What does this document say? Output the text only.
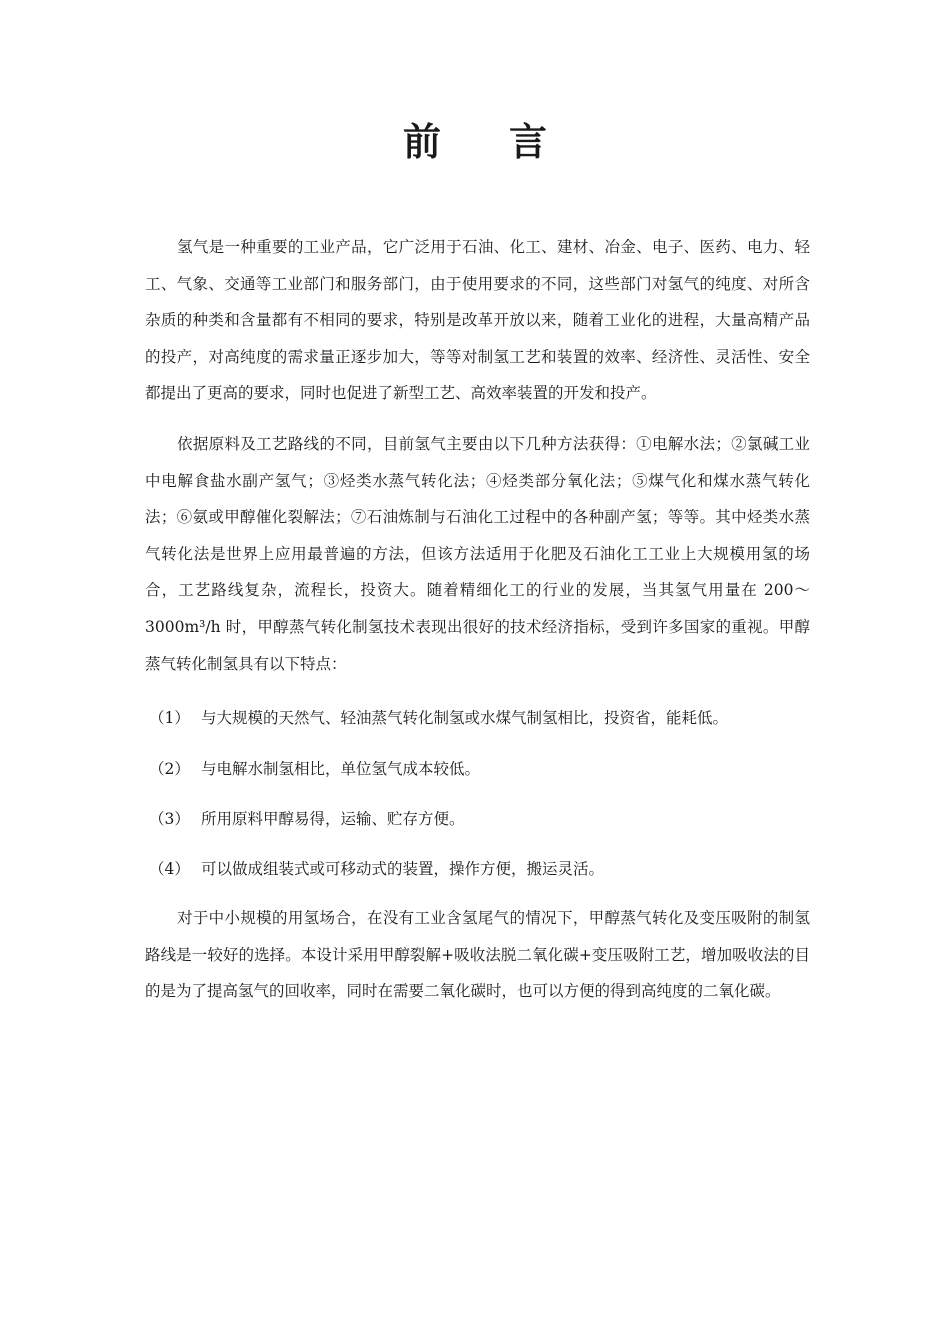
前 言

氢气是一种重要的工业产品，它广泛用于石油、化工、建材、冶金、电子、医药、电力、轻工、气象、交通等工业部门和服务部门，由于使用要求的不同，这些部门对氢气的纯度、对所含杂质的种类和含量都有不相同的要求，特别是改革开放以来，随着工业化的进程，大量高精产品的投产，对高纯度的需求量正逐步加大，等等对制氢工艺和装置的效率、经济性、灵活性、安全都提出了更高的要求，同时也促进了新型工艺、高效率装置的开发和投产。

依据原料及工艺路线的不同，目前氢气主要由以下几种方法获得：①电解水法；②氯碱工业中电解食盐水副产氢气；③烃类水蒸气转化法；④烃类部分氧化法；⑤煤气化和煤水蒸气转化法；⑥氨或甲醇催化裂解法；⑦石油炼制与石油化工过程中的各种副产氢；等等。其中烃类水蒸气转化法是世界上应用最普遍的方法，但该方法适用于化肥及石油化工工业上大规模用氢的场合，工艺路线复杂，流程长，投资大。随着精细化工的行业的发展，当其氢气用量在 200～3000m³/h 时，甲醇蒸气转化制氢技术表现出很好的技术经济指标，受到许多国家的重视。甲醇蒸气转化制氢具有以下特点：

（1） 与大规模的天然气、轻油蒸气转化制氢或水煤气制氢相比，投资省，能耗低。

（2） 与电解水制氢相比，单位氢气成本较低。

（3） 所用原料甲醇易得，运输、贮存方便。

（4） 可以做成组装式或可移动式的装置，操作方便，搬运灵活。

对于中小规模的用氢场合，在没有工业含氢尾气的情况下，甲醇蒸气转化及变压吸附的制氢路线是一较好的选择。本设计采用甲醇裂解+吸收法脱二氧化碳+变压吸附工艺，增加吸收法的目的是为了提高氢气的回收率，同时在需要二氧化碳时，也可以方便的得到高纯度的二氧化碳。
